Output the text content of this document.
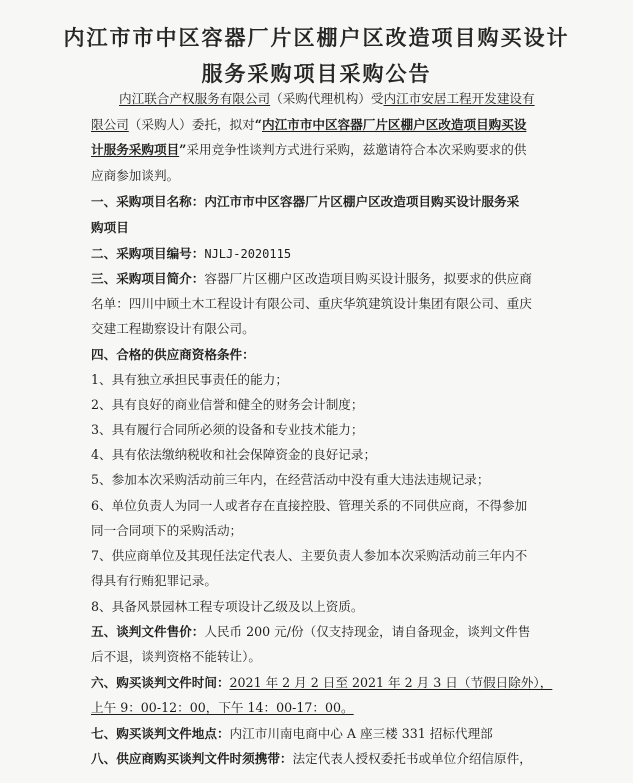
内江市市中区容器厂片区棚户区改造项目购买设计
服务采购项目采购公告
内江联合产权服务有限公司（采购代理机构）受内江市安居工程开发建设有
限公司（采购人）委托，拟对“内江市市中区容器厂片区棚户区改造项目购买设
计服务采购项目”采用竞争性谈判方式进行采购，兹邀请符合本次采购要求的供
应商参加谈判。
一、采购项目名称：内江市市中区容器厂片区棚户区改造项目购买设计服务采
购项目
二、采购项目编号：NJLJ-2020115
三、采购项目简介：容器厂片区棚户区改造项目购买设计服务，拟要求的供应商
名单：四川中顾土木工程设计有限公司、重庆华筑建筑设计集团有限公司、重庆
交建工程勘察设计有限公司。
四、合格的供应商资格条件：
1、具有独立承担民事责任的能力；
2、具有良好的商业信誉和健全的财务会计制度；
3、具有履行合同所必须的设备和专业技术能力；
4、具有依法缴纳税收和社会保障资金的良好记录；
5、参加本次采购活动前三年内，在经营活动中没有重大违法违规记录；
6、单位负责人为同一人或者存在直接控股、管理关系的不同供应商，不得参加
同一合同项下的采购活动；
7、供应商单位及其现任法定代表人、主要负责人参加本次采购活动前三年内不
得具有行贿犯罪记录。
8、具备风景园林工程专项设计乙级及以上资质。
五、谈判文件售价：人民币 200 元/份（仅支持现金，请自备现金，谈判文件售
后不退，谈判资格不能转让）。
六、购买谈判文件时间：2021 年 2 月 2 日至 2021 年 2 月 3 日（节假日除外），
上午 9：00-12：00，下午 14：00-17：00。
七、购买谈判文件地点：内江市川南电商中心 A 座三楼 331 招标代理部
八、供应商购买谈判文件时须携带：法定代表人授权委托书或单位介绍信原件，
